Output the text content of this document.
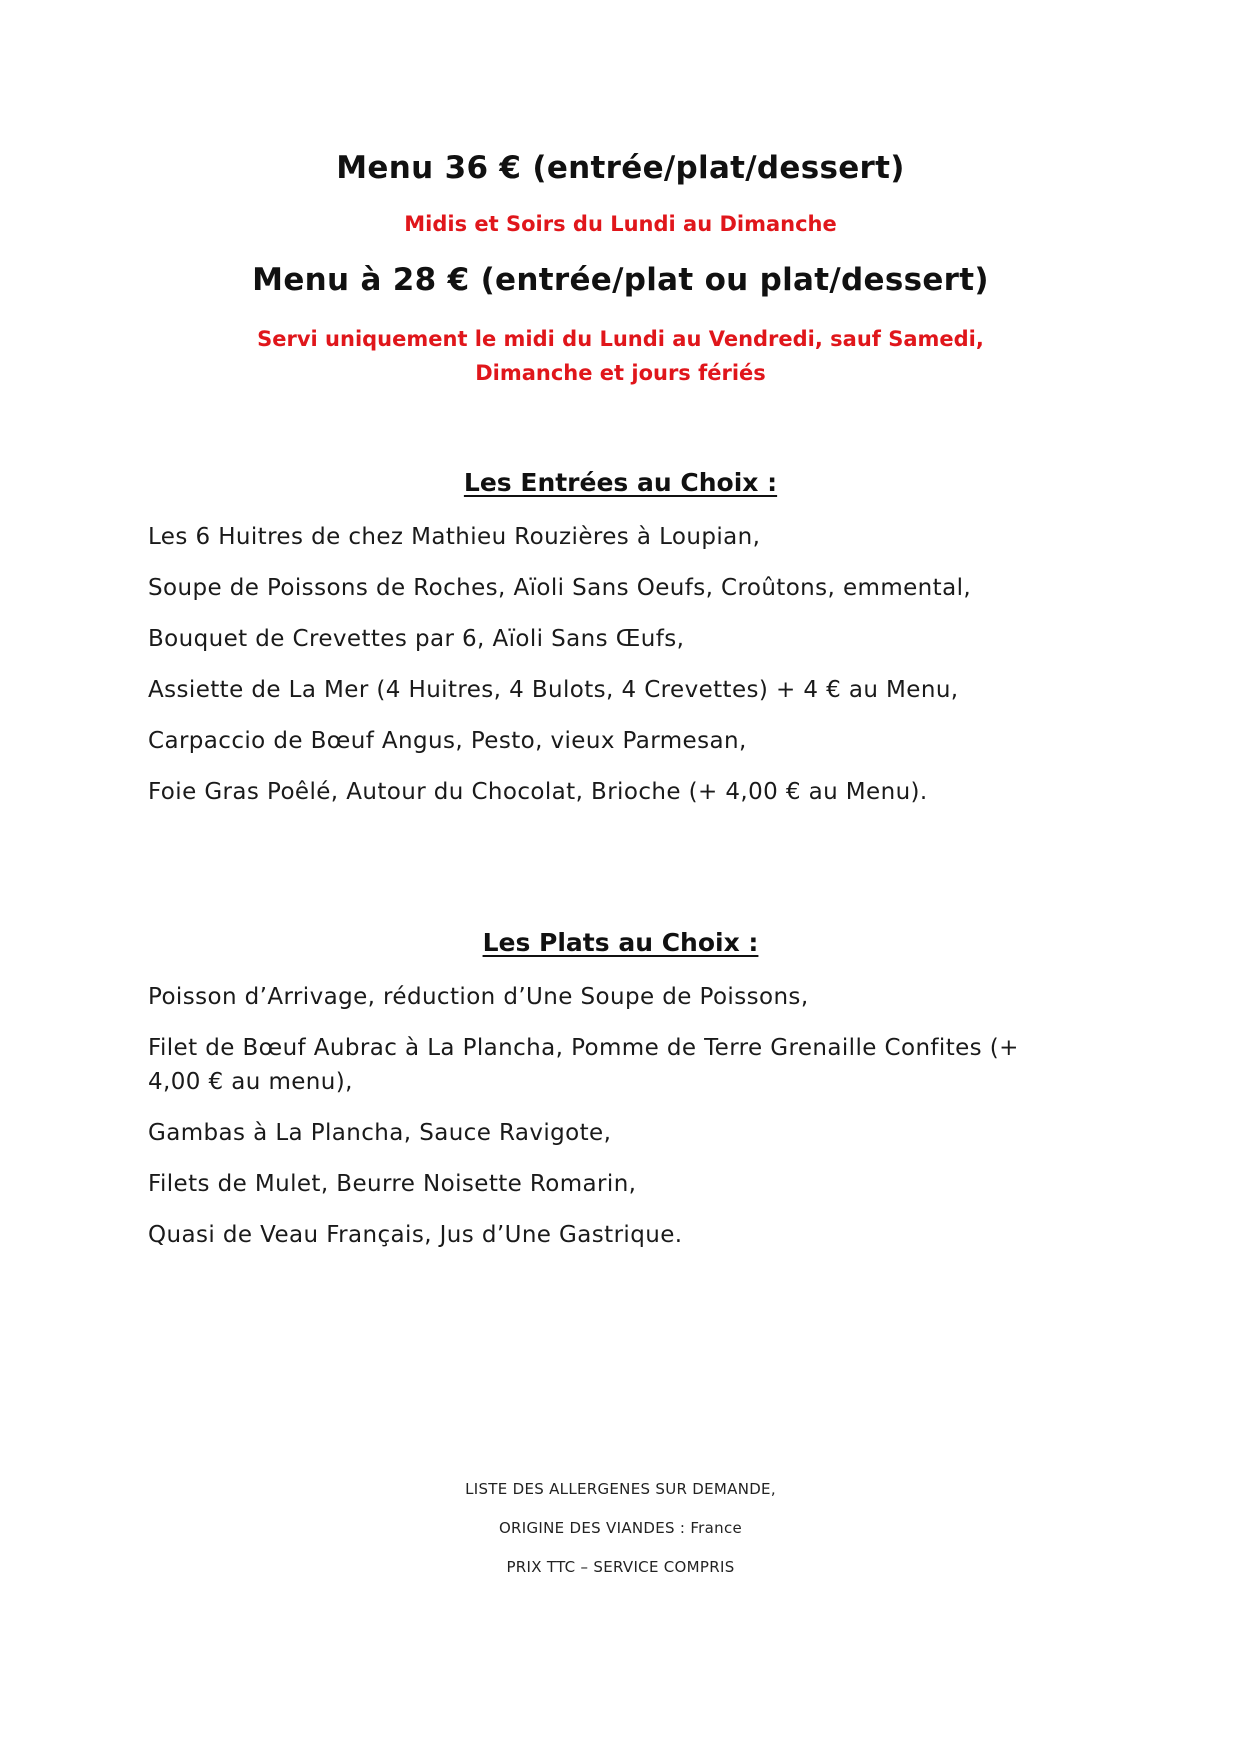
Menu 36 € (entrée/plat/dessert)
Midis et Soirs du Lundi au Dimanche
Menu à 28 € (entrée/plat ou plat/dessert)
Servi uniquement le midi du Lundi au Vendredi, sauf Samedi,
Dimanche et jours fériés
Les Entrées au Choix :
Les 6 Huitres de chez Mathieu Rouzières à Loupian,
Soupe de Poissons de Roches, Aïoli Sans Oeufs, Croûtons, emmental,
Bouquet de Crevettes par 6, Aïoli Sans Œufs,
Assiette de La Mer (4 Huitres, 4 Bulots, 4 Crevettes) + 4 € au Menu,
Carpaccio de Bœuf Angus, Pesto, vieux Parmesan,
Foie Gras Poêlé, Autour du Chocolat, Brioche (+ 4,00 € au Menu).
Les Plats au Choix :
Poisson d’Arrivage, réduction d’Une Soupe de Poissons,
Filet de Bœuf Aubrac à La Plancha, Pomme de Terre Grenaille Confites (+ 4,00 € au menu),
Gambas à La Plancha, Sauce Ravigote,
Filets de Mulet, Beurre Noisette Romarin,
Quasi de Veau Français, Jus d’Une Gastrique.
LISTE DES ALLERGENES SUR DEMANDE,
ORIGINE DES VIANDES : France
PRIX TTC – SERVICE COMPRIS
